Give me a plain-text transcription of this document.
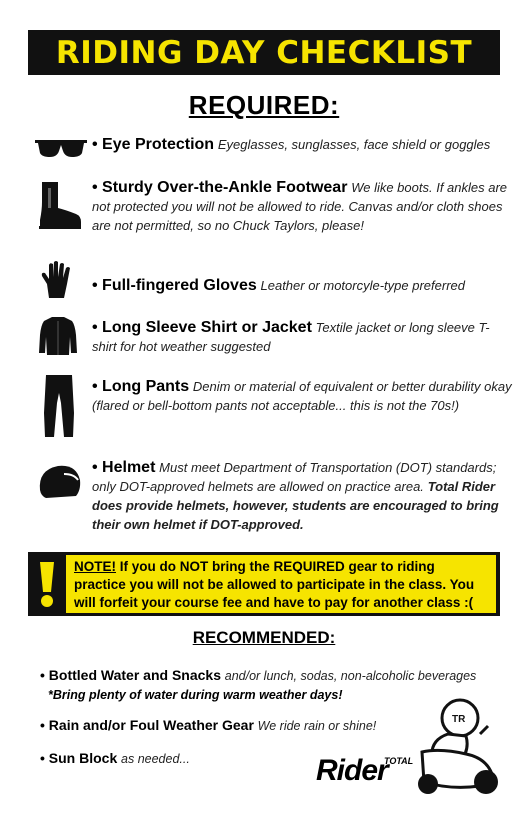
RIDING DAY CHECKLIST
REQUIRED:
• Eye Protection Eyeglasses, sunglasses, face shield or goggles
• Sturdy Over-the-Ankle Footwear We like boots. If ankles are not protected you will not be allowed to ride. Canvas and/or cloth shoes are not permitted, so no Chuck Taylors, please!
• Full-fingered Gloves Leather or motorcyle-type preferred
• Long Sleeve Shirt or Jacket Textile jacket or long sleeve T-shirt for hot weather suggested
• Long Pants Denim or material of equivalent or better durability okay (flared or bell-bottom pants not acceptable... this is not the 70s!)
• Helmet Must meet Department of Transportation (DOT) standards; only DOT-approved helmets are allowed on practice area. Total Rider does provide helmets, however, students are encouraged to bring their own helmet if DOT-approved.
NOTE! If you do NOT bring the REQUIRED gear to riding practice you will not be allowed to participate in the class. You will forfeit your course fee and have to pay for another class :(
RECOMMENDED:
• Bottled Water and Snacks and/or lunch, sodas, non-alcoholic beverages
*Bring plenty of water during warm weather days!
• Rain and/or Foul Weather Gear We ride rain or shine!
• Sun Block as needed...
TR
Rider
TOTAL
